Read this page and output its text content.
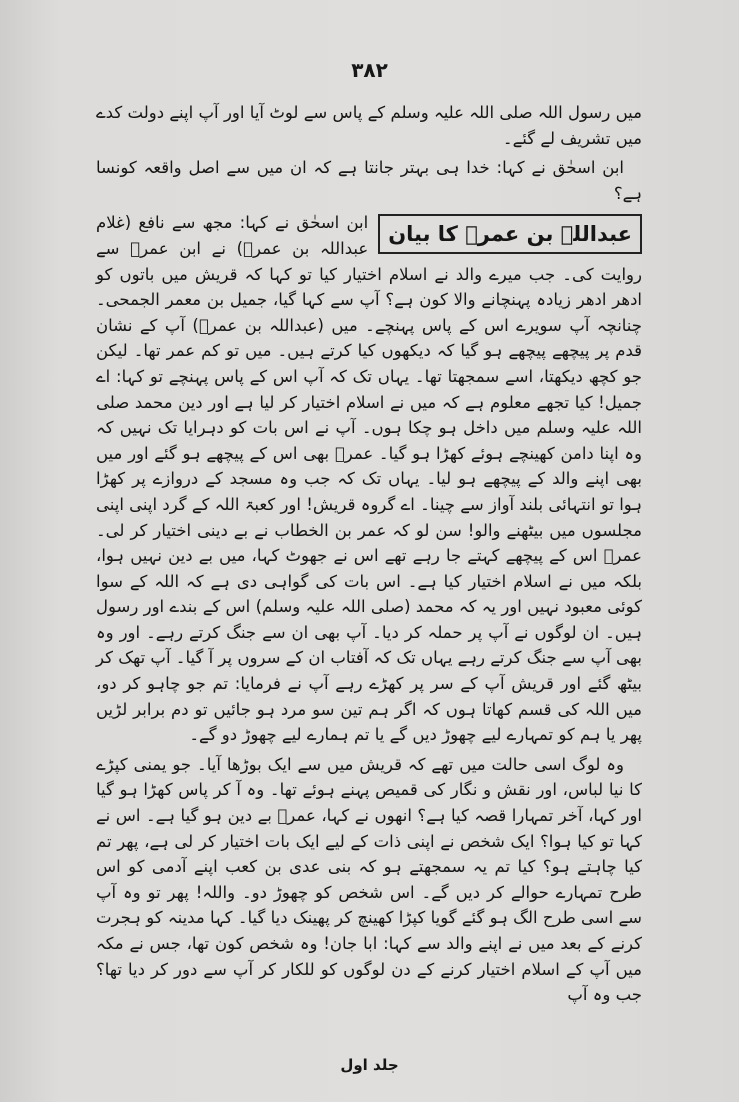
۳۸۲

میں رسول اللہ صلی اللہ علیہ وسلم کے پاس سے لوٹ آیا اور آپ اپنے دولت کدے میں تشریف لے گئے۔

ابن اسحٰق نے کہا: خدا ہی بہتر جانتا ہے کہ ان میں سے اصل واقعہ کونسا ہے؟

عبداللہ بن عمرؓ کا بیان

ابن اسحٰق نے کہا: مجھ سے نافع (غلام عبداللہ بن عمرؓ) نے ابن عمرؓ سے روایت کی۔ جب میرے والد نے اسلام اختیار کیا تو کہا کہ قریش میں باتوں کو ادھر ادھر زیادہ پہنچانے والا کون ہے؟ آپ سے کہا گیا، جمیل بن معمر الجمحی۔ چنانچہ آپ سویرے اس کے پاس پہنچے۔ میں (عبداللہ بن عمرؓ) آپ کے نشان قدم پر پیچھے پیچھے ہو گیا کہ دیکھوں کیا کرتے ہیں۔ میں تو کم عمر تھا۔ لیکن جو کچھ دیکھتا، اسے سمجھتا تھا۔ یہاں تک کہ آپ اس کے پاس پہنچے تو کہا: اے جمیل! کیا تجھے معلوم ہے کہ میں نے اسلام اختیار کر لیا ہے اور دین محمد صلی اللہ علیہ وسلم میں داخل ہو چکا ہوں۔ آپ نے اس بات کو دہرایا تک نہیں کہ وہ اپنا دامن کھینچے ہوئے کھڑا ہو گیا۔ عمرؓ بھی اس کے پیچھے ہو گئے اور میں بھی اپنے والد کے پیچھے ہو لیا۔ یہاں تک کہ جب وہ مسجد کے دروازے پر کھڑا ہوا تو انتہائی بلند آواز سے چینا۔ اے گروہ قریش! اور کعبۃ اللہ کے گرد اپنی اپنی مجلسوں میں بیٹھنے والو! سن لو کہ عمر بن الخطاب نے بے دینی اختیار کر لی۔ عمرؓ اس کے پیچھے کہتے جا رہے تھے اس نے جھوٹ کہا، میں بے دین نہیں ہوا، بلکہ میں نے اسلام اختیار کیا ہے۔ اس بات کی گواہی دی ہے کہ اللہ کے سوا کوئی معبود نہیں اور یہ کہ محمد (صلی اللہ علیہ وسلم) اس کے بندے اور رسول ہیں۔ ان لوگوں نے آپ پر حملہ کر دیا۔ آپ بھی ان سے جنگ کرتے رہے۔ اور وہ بھی آپ سے جنگ کرتے رہے یہاں تک کہ آفتاب ان کے سروں پر آ گیا۔ آپ تھک کر بیٹھ گئے اور قریش آپ کے سر پر کھڑے رہے آپ نے فرمایا: تم جو چاہو کر دو، میں اللہ کی قسم کھاتا ہوں کہ اگر ہم تین سو مرد ہو جائیں تو دم برابر لڑیں پھر یا ہم کو تمہارے لیے چھوڑ دیں گے یا تم ہمارے لیے چھوڑ دو گے۔

وہ لوگ اسی حالت میں تھے کہ قریش میں سے ایک بوڑھا آیا۔ جو یمنی کپڑے کا نیا لباس، اور نقش و نگار کی قمیص پہنے ہوئے تھا۔ وہ آ کر پاس کھڑا ہو گیا اور کہا، آخر تمہارا قصہ کیا ہے؟ انھوں نے کہا، عمرؓ بے دین ہو گیا ہے۔ اس نے کہا تو کیا ہوا؟ ایک شخص نے اپنی ذات کے لیے ایک بات اختیار کر لی ہے، پھر تم کیا چاہتے ہو؟ کیا تم یہ سمجھتے ہو کہ بنی عدی بن کعب اپنے آدمی کو اس طرح تمہارے حوالے کر دیں گے۔ اس شخص کو چھوڑ دو۔ واللہ! پھر تو وہ آپ سے اسی طرح الگ ہو گئے گویا کپڑا کھینچ کر پھینک دیا گیا۔ کہا مدینہ کو ہجرت کرنے کے بعد میں نے اپنے والد سے کہا: ابا جان! وہ شخص کون تھا، جس نے مکہ میں آپ کے اسلام اختیار کرنے کے دن لوگوں کو للکار کر آپ سے دور کر دیا تھا؟ جب وہ آپ

جلد اول
